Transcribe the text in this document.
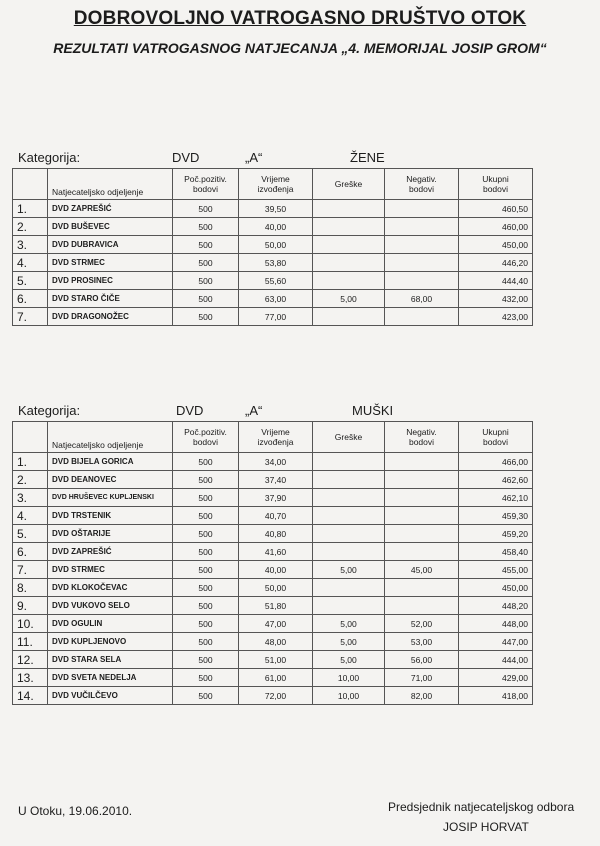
DOBROVOLJNO VATROGASNO DRUŠTVO OTOK
REZULTATI VATROGASNOG NATJECANJA „4. MEMORIJAL JOSIP GROM“
Kategorija:	DVD	„A“	ŽENE
	Natjecateljsko odjeljenje	Poč.pozitiv.
bodovi	Vrijeme
izvođenja	Greške	Negativ.
bodovi	Ukupni
bodovi
1.	DVD ZAPREŠIĆ	500	39,50			460,50
2.	DVD BUŠEVEC	500	40,00			460,00
3.	DVD DUBRAVICA	500	50,00			450,00
4.	DVD STRMEC	500	53,80			446,20
5.	DVD PROSINEC	500	55,60			444,40
6.	DVD STARO ČIČE	500	63,00	5,00	68,00	432,00
7.	DVD DRAGONOŽEC	500	77,00			423,00
Kategorija:	DVD	„A“	MUŠKI
	Natjecateljsko odjeljenje	Poč.pozitiv.
bodovi	Vrijeme
izvođenja	Greške	Negativ.
bodovi	Ukupni
bodovi
1.	DVD BIJELA GORICA	500	34,00			466,00
2.	DVD DEANOVEC	500	37,40			462,60
3.	DVD HRUŠEVEC KUPLJENSKI	500	37,90			462,10
4.	DVD TRSTENIK	500	40,70			459,30
5.	DVD OŠTARIJE	500	40,80			459,20
6.	DVD ZAPREŠIĆ	500	41,60			458,40
7.	DVD STRMEC	500	40,00	5,00	45,00	455,00
8.	DVD KLOKOČEVAC	500	50,00			450,00
9.	DVD VUKOVO SELO	500	51,80			448,20
10.	DVD OGULIN	500	47,00	5,00	52,00	448,00
11.	DVD KUPLJENOVO	500	48,00	5,00	53,00	447,00
12.	DVD STARA SELA	500	51,00	5,00	56,00	444,00
13.	DVD SVETA NEDELJA	500	61,00	10,00	71,00	429,00
14.	DVD VUČILČEVO	500	72,00	10,00	82,00	418,00
U Otoku, 19.06.2010.	Predsjednik natjecateljskog odbora
JOSIP HORVAT
